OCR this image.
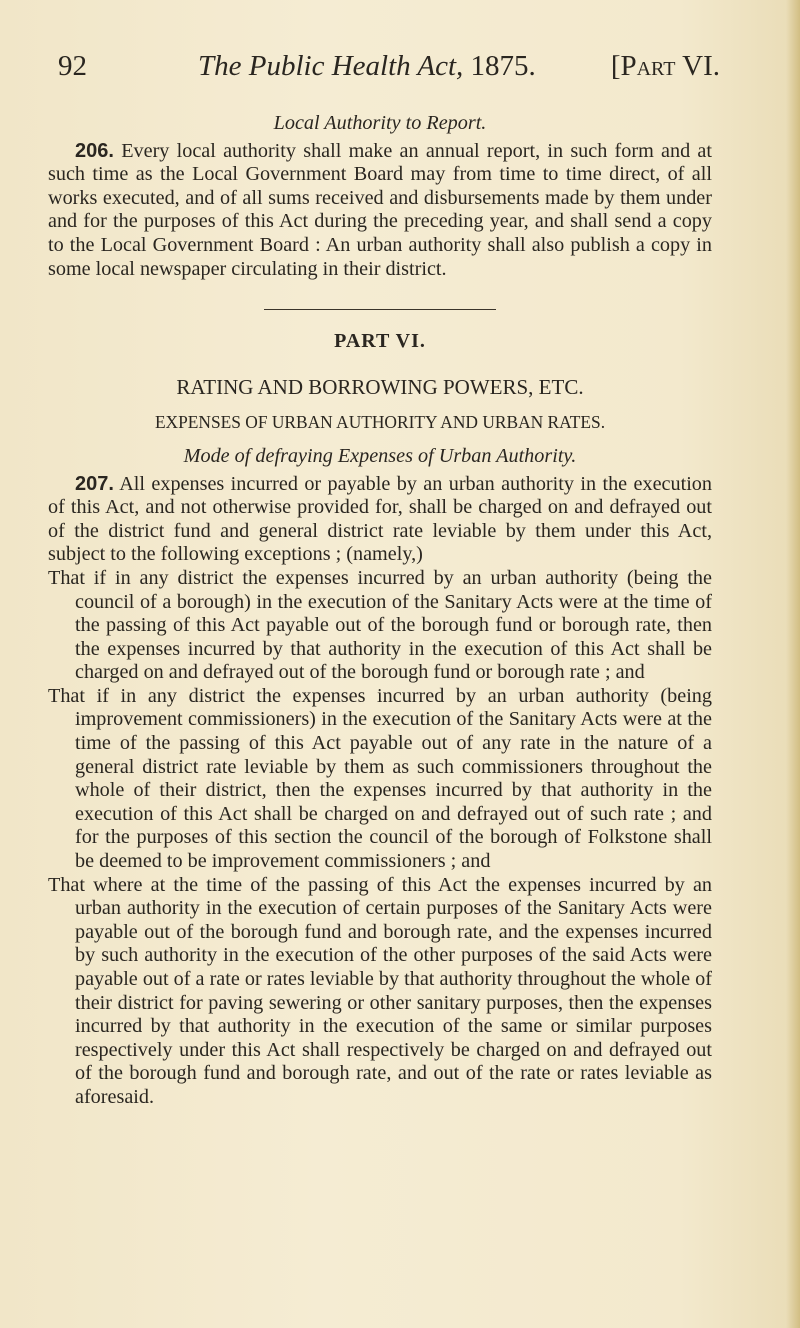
92	The Public Health Act, 1875.	[Part VI.

Local Authority to Report.

206. Every local authority shall make an annual report, in such form and at such time as the Local Government Board may from time to time direct, of all works executed, and of all sums received and disbursements made by them under and for the purposes of this Act during the preceding year, and shall send a copy to the Local Government Board : An urban authority shall also publish a copy in some local newspaper circulating in their district.

PART VI.

RATING AND BORROWING POWERS, ETC.

EXPENSES OF URBAN AUTHORITY AND URBAN RATES.

Mode of defraying Expenses of Urban Authority.

207. All expenses incurred or payable by an urban authority in the execution of this Act, and not otherwise provided for, shall be charged on and defrayed out of the district fund and general district rate leviable by them under this Act, subject to the following exceptions ; (namely,)

That if in any district the expenses incurred by an urban authority (being the council of a borough) in the execution of the Sanitary Acts were at the time of the passing of this Act payable out of the borough fund or borough rate, then the expenses incurred by that authority in the execution of this Act shall be charged on and defrayed out of the borough fund or borough rate ; and

That if in any district the expenses incurred by an urban authority (being improvement commissioners) in the execution of the Sanitary Acts were at the time of the passing of this Act payable out of any rate in the nature of a general district rate leviable by them as such commissioners throughout the whole of their district, then the expenses incurred by that authority in the execution of this Act shall be charged on and defrayed out of such rate ; and for the purposes of this section the council of the borough of Folkstone shall be deemed to be improvement commissioners ; and

That where at the time of the passing of this Act the expenses incurred by an urban authority in the execution of certain purposes of the Sanitary Acts were payable out of the borough fund and borough rate, and the expenses incurred by such authority in the execution of the other purposes of the said Acts were payable out of a rate or rates leviable by that authority throughout the whole of their district for paving sewering or other sanitary purposes, then the expenses incurred by that authority in the execution of the same or similar purposes respectively under this Act shall respectively be charged on and defrayed out of the borough fund and borough rate, and out of the rate or rates leviable as aforesaid.
